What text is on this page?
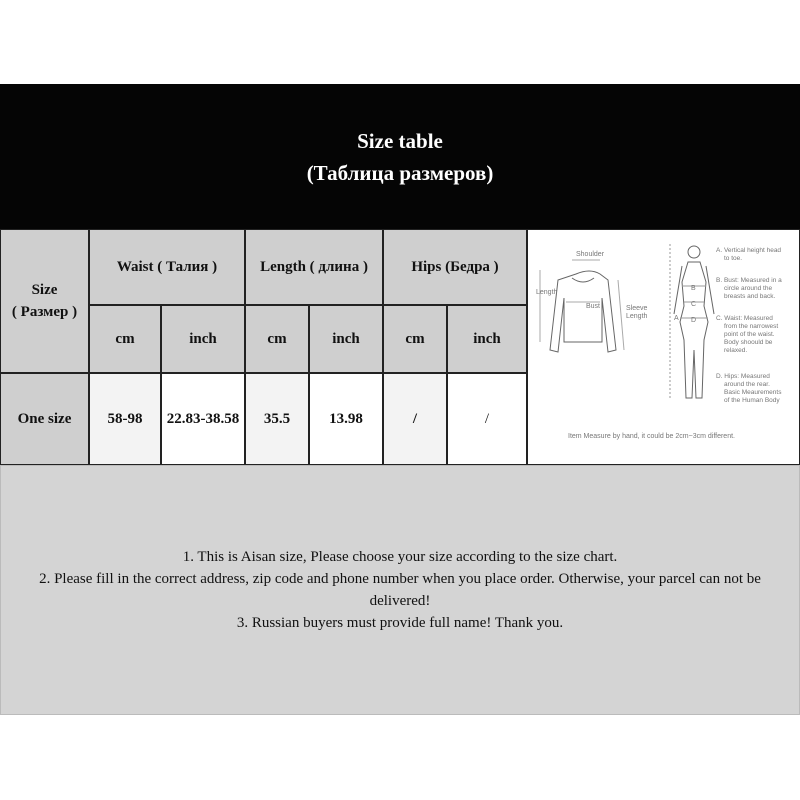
Size table
(Таблица размеров)
Size
( Размер )
Waist ( Талия )	Length ( длина )	Hips (Бедра )
cm	inch	cm	inch	cm	inch
One size	58-98	22.83-38.58	35.5	13.98	/	/
Shoulder
Length
Bust	Sleeve
Length	A
B
C
D
A. Vertical height head
to toe.
B. Bust: Measured in a
circle around the
breasts and back.
C. Waist: Measured
from the narrowest
point of the waist.
Body shoould be
relaxed.
D. Hips: Measured
around the rear.
Basic Meaurements
of the Human Body
Item Measure by hand, it could be 2cm~3cm different.

1. This is Aisan size, Please choose your size according to the size chart.

2. Please fill in the correct address, zip code and phone number when you place order. Otherwise, your parcel can not be delivered!

3. Russian buyers must provide full name! Thank you.
